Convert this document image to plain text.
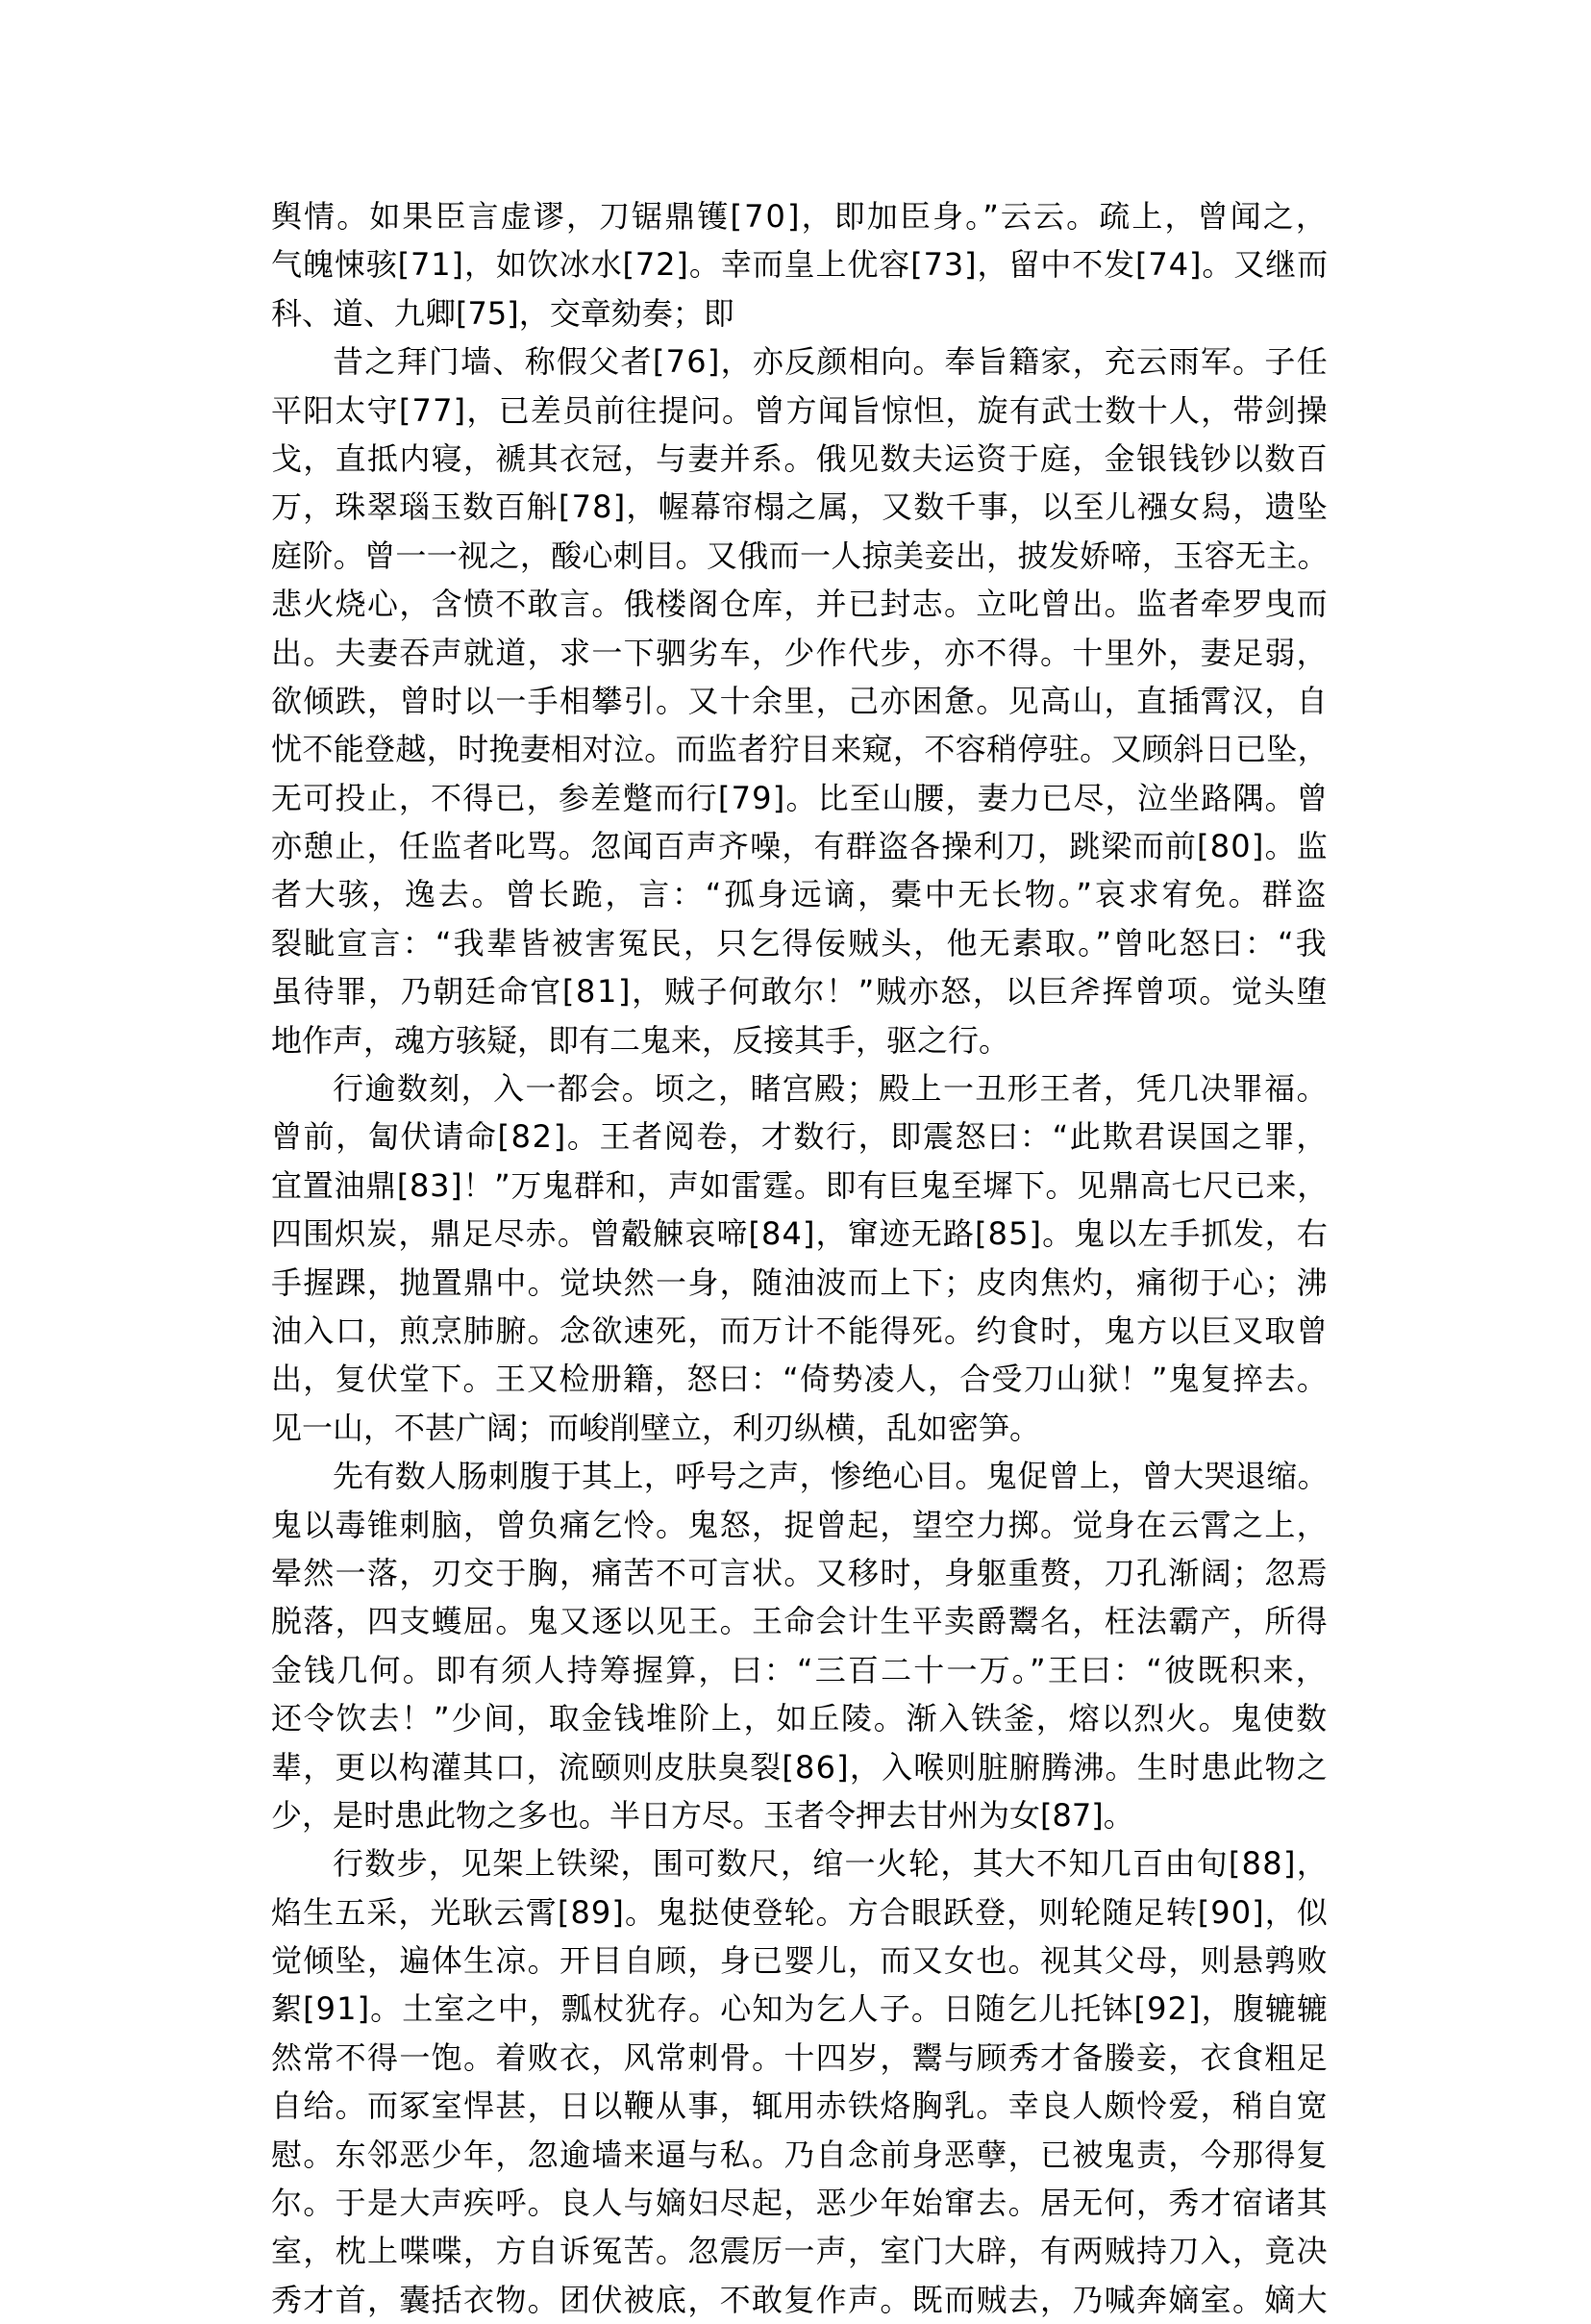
舆情。如果臣言虚谬，刀锯鼎镬[70]，即加臣身。”云云。疏上，曾闻之，
气魄悚骇[71]，如饮冰水[72]。幸而皇上优容[73]，留中不发[74]。又继而
科、道、九卿[75]，交章劾奏；即
昔之拜门墙、称假父者[76]，亦反颜相向。奉旨籍家，充云雨军。子任
平阳太守[77]，已差员前往提问。曾方闻旨惊怛，旋有武士数十人，带剑操
戈，直抵内寝，褫其衣冠，与妻并系。俄见数夫运资于庭，金银钱钞以数百
万，珠翠瑙玉数百斛[78]，幄幕帘榻之属，又数千事，以至儿襁女舄，遗坠
庭阶。曾一一视之，酸心刺目。又俄而一人掠美妾出，披发娇啼，玉容无主。
悲火烧心，含愤不敢言。俄楼阁仓库，并已封志。立叱曾出。监者牵罗曳而
出。夫妻吞声就道，求一下驷劣车，少作代步，亦不得。十里外，妻足弱，
欲倾跌，曾时以一手相攀引。又十余里，己亦困惫。见高山，直插霄汉，自
忧不能登越，时挽妻相对泣。而监者狞目来窥，不容稍停驻。又顾斜日已坠，
无可投止，不得已，参差蹩而行[79]。比至山腰，妻力已尽，泣坐路隅。曾
亦憩止，任监者叱骂。忽闻百声齐噪，有群盗各操利刀，跳梁而前[80]。监
者大骇，逸去。曾长跪，言：“孤身远谪，橐中无长物。”哀求宥免。群盗
裂眦宣言：“我辈皆被害冤民，只乞得佞贼头，他无素取。”曾叱怒曰：“我
虽待罪，乃朝廷命官[81]，贼子何敢尔！”贼亦怒，以巨斧挥曾项。觉头堕
地作声，魂方骇疑，即有二鬼来，反接其手，驱之行。
行逾数刻，入一都会。顷之，睹宫殿；殿上一丑形王者，凭几决罪福。
曾前，匐伏请命[82]。王者阅卷，才数行，即震怒曰：“此欺君误国之罪，
宜置油鼎[83]！”万鬼群和，声如雷霆。即有巨鬼至墀下。见鼎高七尺已来，
四围炽炭，鼎足尽赤。曾觳觫哀啼[84]，窜迹无路[85]。鬼以左手抓发，右
手握踝，抛置鼎中。觉块然一身，随油波而上下；皮肉焦灼，痛彻于心；沸
油入口，煎烹肺腑。念欲速死，而万计不能得死。约食时，鬼方以巨叉取曾
出，复伏堂下。王又检册籍，怒曰：“倚势凌人，合受刀山狱！”鬼复捽去。
见一山，不甚广阔；而峻削壁立，利刃纵横，乱如密笋。
先有数人肠刺腹于其上，呼号之声，惨绝心目。鬼促曾上，曾大哭退缩。
鬼以毒锥刺脑，曾负痛乞怜。鬼怒，捉曾起，望空力掷。觉身在云霄之上，
晕然一落，刃交于胸，痛苦不可言状。又移时，身躯重赘，刀孔渐阔；忽焉
脱落，四支蠖屈。鬼又逐以见王。王命会计生平卖爵鬻名，枉法霸产，所得
金钱几何。即有须人持筹握算，曰：“三百二十一万。”王曰：“彼既积来，
还令饮去！”少间，取金钱堆阶上，如丘陵。渐入铁釜，熔以烈火。鬼使数
辈，更以构灌其口，流颐则皮肤臭裂[86]，入喉则脏腑腾沸。生时患此物之
少，是时患此物之多也。半日方尽。玉者令押去甘州为女[87]。
行数步，见架上铁梁，围可数尺，绾一火轮，其大不知几百由旬[88]，
焰生五采，光耿云霄[89]。鬼挞使登轮。方合眼跃登，则轮随足转[90]，似
觉倾坠，遍体生凉。开目自顾，身已婴儿，而又女也。视其父母，则悬鹑败
絮[91]。土室之中，瓢杖犹存。心知为乞人子。日随乞儿托钵[92]，腹辘辘
然常不得一饱。着败衣，风常刺骨。十四岁，鬻与顾秀才备媵妾，衣食粗足
自给。而冢室悍甚，日以鞭从事，辄用赤铁烙胸乳。幸良人颇怜爱，稍自宽
慰。东邻恶少年，忽逾墙来逼与私。乃自念前身恶孽，已被鬼责，今那得复
尔。于是大声疾呼。良人与嫡妇尽起，恶少年始窜去。居无何，秀才宿诸其
室，枕上喋喋，方自诉冤苦。忽震厉一声，室门大辟，有两贼持刀入，竟决
秀才首，囊括衣物。团伏被底，不敢复作声。既而贼去，乃喊奔嫡室。嫡大
